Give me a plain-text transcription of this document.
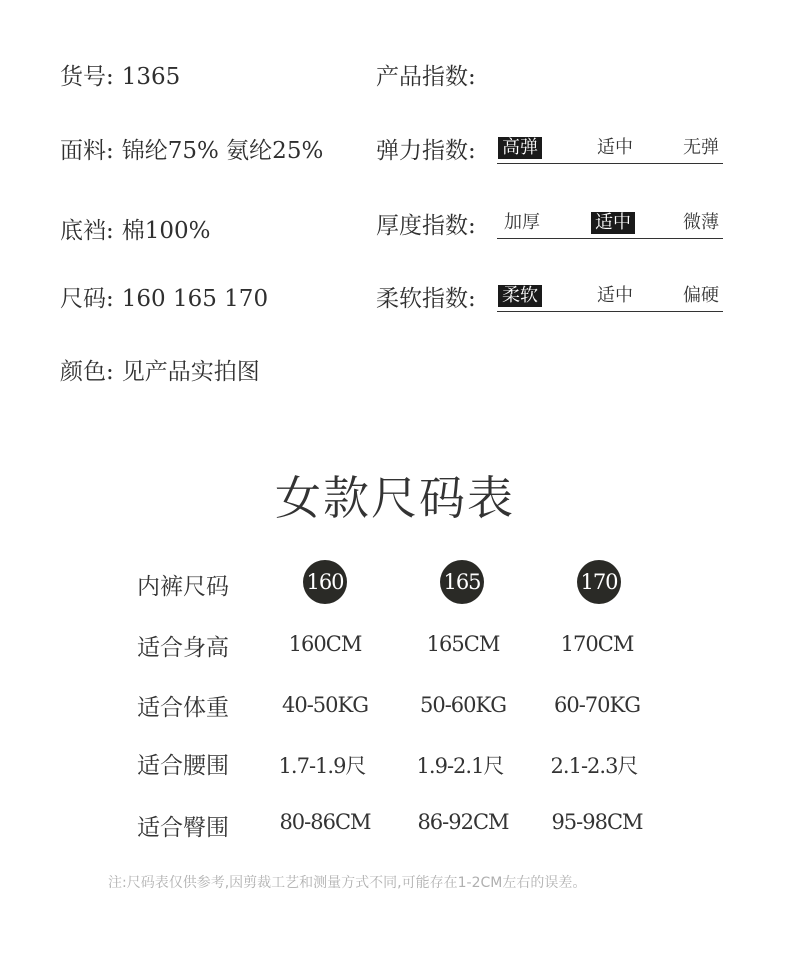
货号: 1365
面料: 锦纶75% 氨纶25%
底裆: 棉100%
尺码: 160 165 170
颜色: 见产品实拍图
产品指数:
弹力指数: 高弹	适中	无弹
厚度指数: 加厚	适中	微薄
柔软指数: 柔软	适中	偏硬
女款尺码表
内裤尺码	160	165	170
适合身高	160CM	165CM	170CM
适合体重	40-50KG	50-60KG	60-70KG
适合腰围	1.7-1.9尺	1.9-2.1尺	2.1-2.3尺
适合臀围	80-86CM	86-92CM	95-98CM
注:尺码表仅供参考,因剪裁工艺和测量方式不同,可能存在1-2CM左右的误差。
